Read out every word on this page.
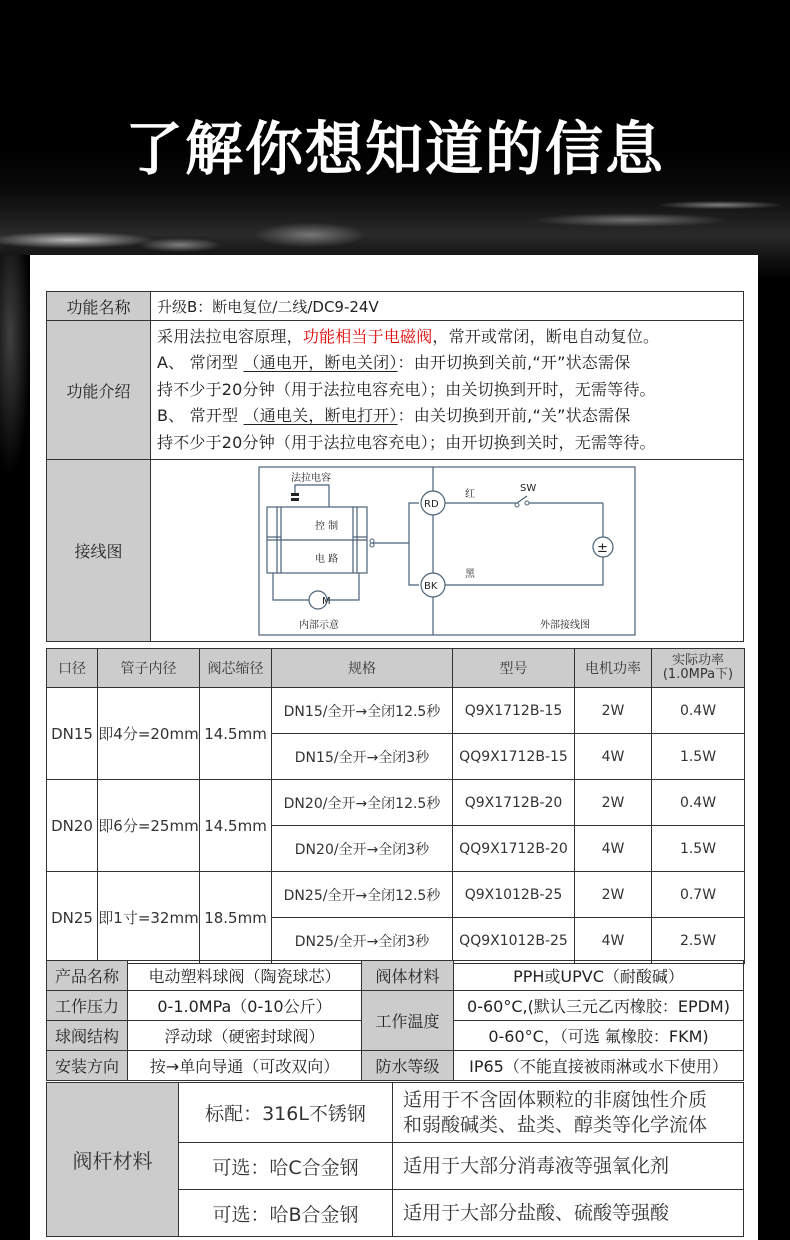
了解你想知道的信息
功能名称	升级B：断电复位/二线/DC9-24V
功能介绍	采用法拉电容原理，功能相当于电磁阀，常开或常闭，断电自动复位。
A、 常闭型 （通电开，断电关闭）：由开切换到关前,“开”状态需保
持不少于20分钟（用于法拉电容充电）；由关切换到开时，无需等待。
B、 常开型 （通电关，断电打开）：由关切换到开前,“关”状态需保
持不少于20分钟（用于法拉电容充电）；由开切换到关时，无需等待。

接线图	
法拉电容
控 制
电 路
M
内部示意
RD
BK
红
黑
SW
±
外部接线图
口径	管子内径	阀芯缩径	规格	型号	电机功率	实际功率
(1.0MPa下)

DN15	即4分=20mm	14.5mm	DN15/全开→全闭12.5秒	Q9X1712B-15	2W	0.4W
			DN15/全开→全闭3秒	QQ9X1712B-15	4W	1.5W
DN20	即6分=25mm	14.5mm	DN20/全开→全闭12.5秒	Q9X1712B-20	2W	0.4W
			DN20/全开→全闭3秒	QQ9X1712B-20	4W	1.5W
DN25	即1寸=32mm	18.5mm	DN25/全开→全闭12.5秒	Q9X1012B-25	2W	0.7W
			DN25/全开→全闭3秒	QQ9X1012B-25	4W	2.5W
产品名称	电动塑料球阀（陶瓷球芯）	阀体材料	PPH或UPVC（耐酸碱）
工作压力	0-1.0MPa（0-10公斤）	工作温度	0-60°C,(默认三元乙丙橡胶：EPDM)
球阀结构	浮动球（硬密封球阀）		0-60°C，（可选 氟橡胶：FKM)
安装方向	按→单向导通（可改双向）	防水等级	IP65（不能直接被雨淋或水下使用）
阀杆材料	标配：316L不锈钢	适用于不含固体颗粒的非腐蚀性介质
和弱酸碱类、盐类、醇类等化学流体

	可选：哈C合金钢	适用于大部分消毒液等强氧化剂
	可选：哈B合金钢	适用于大部分盐酸、硫酸等强酸
